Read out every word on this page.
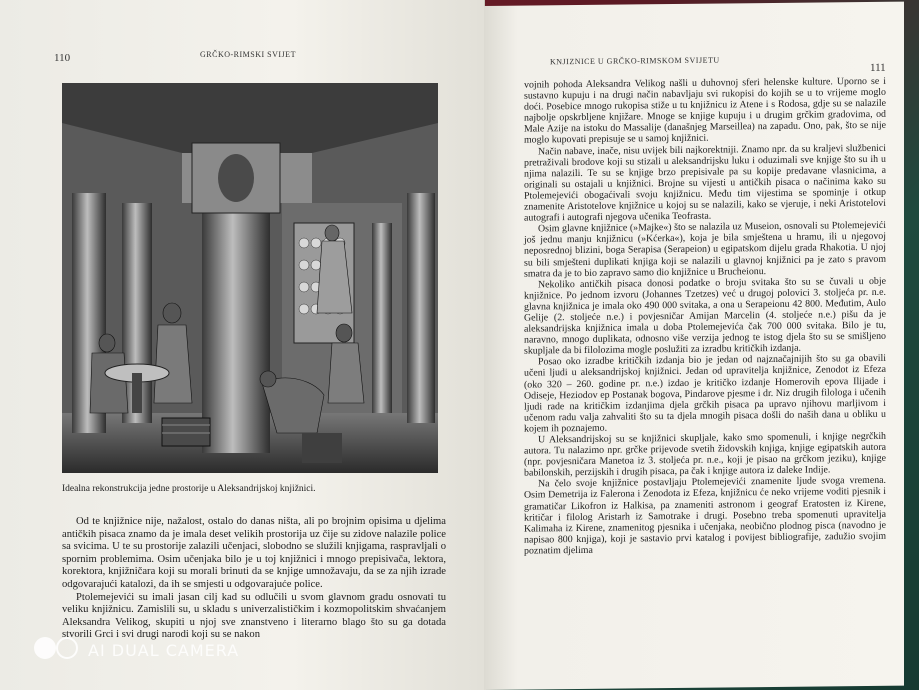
110	GRČKO-RIMSKI SVIJET
Idealna rekonstrukcija jedne prostorije u Aleksandrijskoj knjižnici.

Od te knjižnice nije, nažalost, ostalo do danas ništa, ali po brojnim opisima u djelima antičkih pisaca znamo da je imala deset velikih prostorija uz čije su zidove nalazile police sa svicima. U te su prostorije zalazili učenjaci, slobodno se služili knjigama, raspravljali o spornim problemima. Osim učenjaka bilo je u toj knjižnici i mnogo prepisivača, lektora, korektora, knjižničara koji su morali brinuti da se knjige umnožavaju, da se za njih izrade odgovarajući katalozi, da ih se smjesti u odgovarajuće police.

Ptolemejevići su imali jasan cilj kad su odlučili u svom glavnom gradu osnovati tu veliku knjižnicu. Zamislili su, u skladu s univerzalističkim i kozmopolitskim shvaćanjem Aleksandra Velikog, skupiti u njoj sve znanstveno i literarno blago što su ga dotada stvorili Grci i svi drugi narodi koji su se nakon

AI DUAL CAMERA
KNJIZNICE U GRČKO-RIMSKOM SVIJETU
111

vojnih pohoda Aleksandra Velikog našli u duhovnoj sferi helenske kulture. Uporno se i sustavno kupuju i na drugi način nabavljaju svi rukopisi do kojih se u to vrijeme moglo doći. Posebice mnogo rukopisa stiže u tu knjižnicu iz Atene i s Rodosa, gdje su se nalazile najbolje opskrbljene knjižare. Mnoge se knjige kupuju i u drugim grčkim gradovima, od Male Azije na istoku do Massalije (današnjeg Marseillea) na zapadu. Ono, pak, što se nije moglo kupovati prepisuje se u samoj knjižnici.

Način nabave, inače, nisu uvijek bili najkorektniji. Znamo npr. da su kraljevi službenici pretraživali brodove koji su stizali u aleksandrijsku luku i oduzimali sve knjige što su ih u njima nalazili. Te su se knjige brzo prepisivale pa su kopije predavane vlasnicima, a originali su ostajali u knjižnici. Brojne su vijesti u antičkih pisaca o načinima kako su Ptolemejevići obogaćivali svoju knjižnicu. Među tim vijestima se spominje i otkup znamenite Aristotelove knjižnice u kojoj su se nalazili, kako se vjeruje, i neki Aristotelovi autografi i autografi njegova učenika Teofrasta.

Osim glavne knjižnice (»Majke«) što se nalazila uz Museion, osnovali su Ptolemejevići još jednu manju knjižnicu (»Kćerka«), koja je bila smještena u hramu, ili u njegovoj neposrednoj blizini, boga Serapisa (Serapeion) u egipatskom dijelu grada Rhakotia. U njoj su bili smješteni duplikati knjiga koji se nalazili u glavnoj knjižnici pa je zato s pravom smatra da je to bio zapravo samo dio knjižnice u Brucheionu.

Nekoliko antičkih pisaca donosi podatke o broju svitaka što su se čuvali u obje knjižnice. Po jednom izvoru (Johannes Tzetzes) već u drugoj polovici 3. stoljeća pr. n.e. glavna knjižnica je imala oko 490 000 svitaka, a ona u Serapeionu 42 800. Međutim, Aulo Gelije (2. stoljeće n.e.) i povjesničar Amijan Marcelin (4. stoljeće n.e.) pišu da je aleksandrijska knjižnica imala u doba Ptolemejevića čak 700 000 svitaka. Bilo je tu, naravno, mnogo duplikata, odnosno više verzija jednog te istog djela što su se smišljeno skupljale da bi filolozima mogle poslužiti za izradbu kritičkih izdanja.

Posao oko izradbe kritičkih izdanja bio je jedan od najznačajnijih što su ga obavili učeni ljudi u aleksandrijskoj knjižnici. Jedan od upravitelja knjižnice, Zenodot iz Efeza (oko 320 – 260. godine pr. n.e.) izdao je kritičko izdanje Homerovih epova Ilijade i Odiseje, Heziodov ep Postanak bogova, Pindarove pjesme i dr. Niz drugih filologa i učenih ljudi rade na kritičkim izdanjima djela grčkih pisaca pa upravo njihovu marljivom i učenom radu valja zahvaliti što su ta djela mnogih pisaca došli do naših dana u obliku u kojem ih poznajemo.

U Aleksandrijskoj su se knjižnici skupljale, kako smo spomenuli, i knjige negrčkih autora. Tu nalazimo npr. grčke prijevode svetih židovskih knjiga, knjige egipatskih autora (npr. povjesničara Manetoa iz 3. stoljeća pr. n.e., koji je pisao na grčkom jeziku), knjige babilonskih, perzijskih i drugih pisaca, pa čak i knjige autora iz daleke Indije.

Na čelo svoje knjižnice postavljaju Ptolemejevići znamenite ljude svoga vremena. Osim Demetrija iz Falerona i Zenodota iz Efeza, knjižnicu će neko vrijeme voditi pjesnik i gramatičar Likofron iz Halkisa, pa znameniti astronom i geograf Eratosten iz Kirene, kritičar i filolog Aristarh iz Samotrake i drugi. Posebno treba spomenuti upravitelja Kalimaha iz Kirene, znamenitog pjesnika i učenjaka, neobično plodnog pisca (navodno je napisao 800 knjiga), koji je sastavio prvi katalog i povijest bibliografije, zadužio svojim poznatim djelima
